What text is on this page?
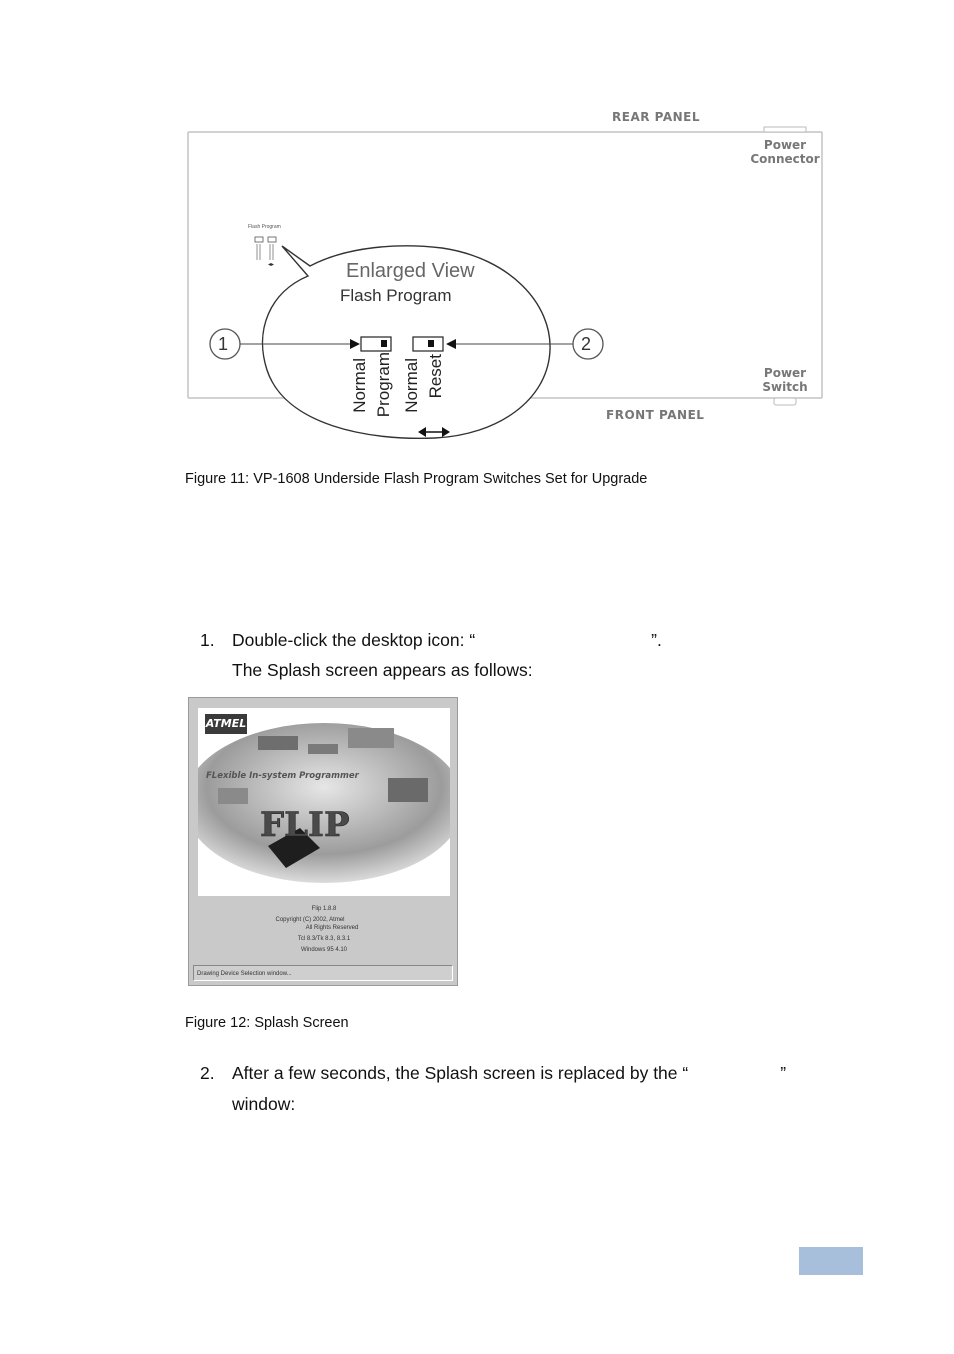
◂▸
REAR PANEL
FRONT PANEL
Power
Connector
Power
Switch
Flash Program
Enlarged View
Flash Program
1	2
Normal Program Normal Reset
Figure 11: VP-1608 Underside Flash Program Switches Set for Upgrade
1. Double-click the desktop icon: “	”.
The Splash screen appears as follows:
FLIP
FLexible In-system Programmer
ATMEL
Flip 1.8.8
Copyright (C) 2002, Atmel
All Rights Reserved
Tcl 8.3/Tk 8.3, 8.3.1
Windows 95 4.10
Drawing Device Selection window...
Figure 12: Splash Screen
2. After a few seconds, the Splash screen is replaced by the “	”
window:
